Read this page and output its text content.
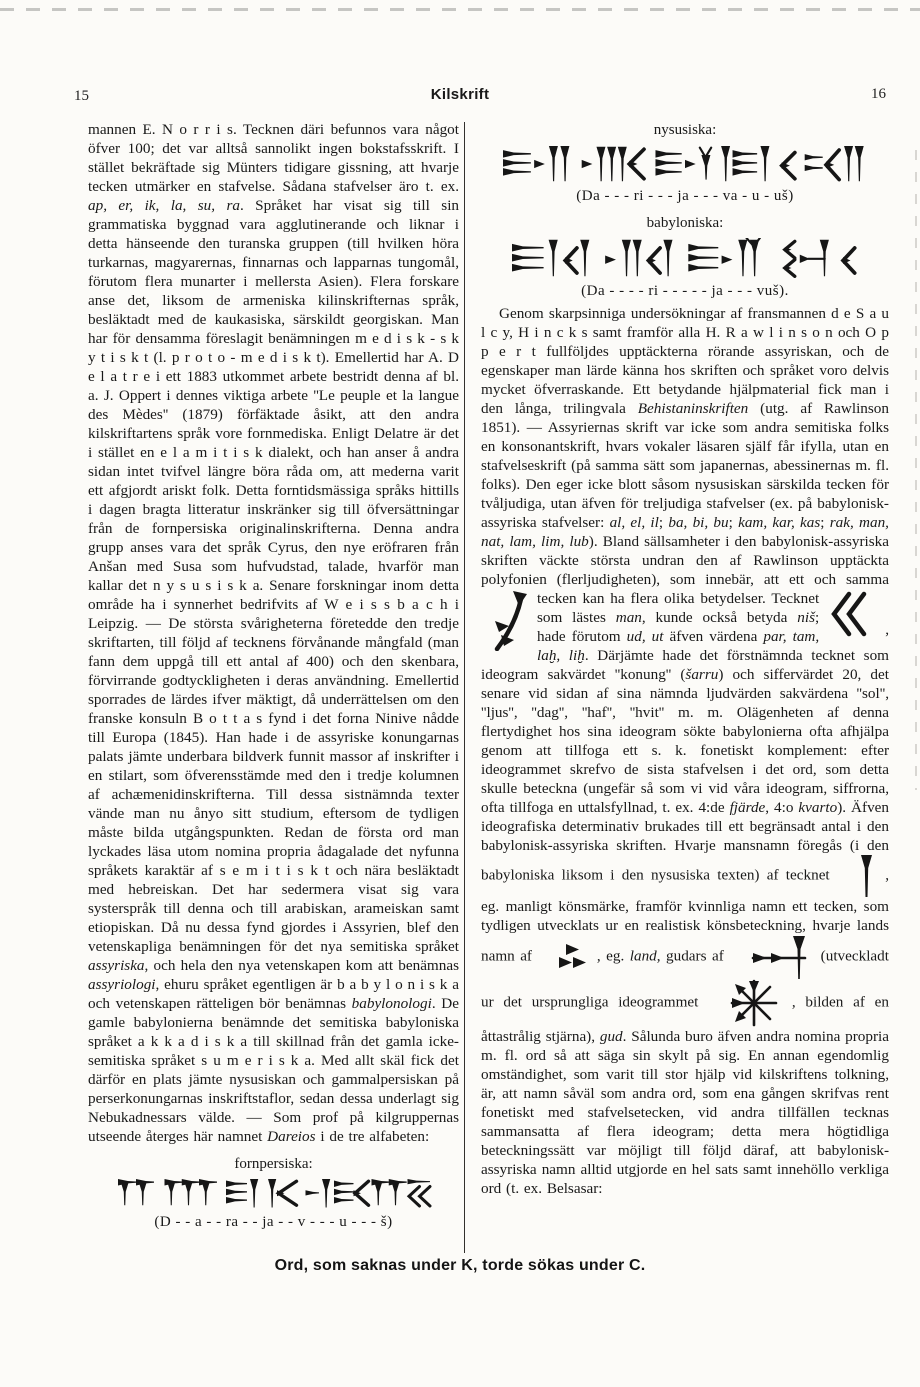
15	Kilskrift	16

mannen E. N o r r i s. Tecknen däri befunnos vara något öfver 100; det var alltså sannolikt ingen bokstafsskrift. I stället bekräftade sig Münters tidigare gissning, att hvarje tecken utmärker en stafvelse. Sådana stafvelser äro t. ex. ap, er, ik, la, su, ra. Språket har visat sig till sin grammatiska byggnad vara agglutinerande och liknar i detta hänseende den turanska gruppen (till hvilken höra turkarnas, magyarernas, finnarnas och lapparnas tungomål, förutom flera munarter i mellersta Asien). Flera forskare anse det, liksom de armeniska kilinskrifternas språk, besläktadt med de kaukasiska, särskildt georgiskan. Man har för densamma föreslagit benämningen m e d i s k - s k y t i s k t (l. p r o t o - m e d i s k t). Emellertid har A. D e l a t r e i ett 1883 utkommet arbete bestridt denna af bl. a. J. Oppert i dennes viktiga arbete ''Le peuple et la langue des Mèdes'' (1879) förfäktade åsikt, att den andra kilskriftartens språk vore fornmediska. Enligt Delatre är det i stället en e l a m i t i s k dialekt, och han anser å andra sidan intet tvifvel längre böra råda om, att mederna varit ett afgjordt ariskt folk. Detta forntidsmässiga språks hittills i dagen bragta litteratur inskränker sig till öfversättningar från de fornpersiska originalinskrifterna. Denna andra grupp anses vara det språk Cyrus, den nye eröfraren från Anšan med Susa som hufvudstad, talade, hvarför man kallar det n y s u s i s k a. Senare forskningar inom detta område ha i synnerhet bedrifvits af W e i s s b a c h i Leipzig. — De största svårigheterna företedde den tredje skriftarten, till följd af tecknens förvånande mångfald (man fann dem uppgå till ett antal af 400) och den skenbara, förvirrande godtyckligheten i deras användning. Emellertid sporrades de lärdes ifver mäktigt, då underrättelsen om den franske konsuln B o t t a s fynd i det forna Ninive nådde till Europa (1845). Han hade i de assyriske konungarnas palats jämte underbara bildverk funnit massor af inskrifter i en stilart, som öfverensstämde med den i tredje kolumnen af achæmenidinskrifterna. Till dessa sistnämnda texter vände man nu ånyo sitt studium, eftersom de tydligen måste bilda utgångspunkten. Redan de första ord man lyckades läsa utom nomina propria ådagalade det nyfunna språkets karaktär af s e m i t i s k t och nära besläktadt med hebreiskan. Det har sedermera visat sig vara systerspråk till denna och till arabiskan, arameiskan samt etiopiskan. Då nu dessa fynd gjordes i Assyrien, blef den vetenskapliga benämningen för det nya semitiska språket assyriska, och hela den nya vetenskapen kom att benämnas assyriologi, ehuru språket egentligen är b a b y l o n i s k a och vetenskapen rätteligen bör benämnas babylonologi. De gamle babylonierna benämnde det semitiska babyloniska språket a k k a d i s k a till skillnad från det gamla icke-semitiska språket s u m e r i s k a. Med allt skäl fick det därför en plats jämte nysusiskan och gammalpersiskan på perserkonungarnas inskriftstaflor, sedan dessa underlagt sig Nebukadnessars välde. — Som prof på kilgruppernas utseende återges här namnet Dareios i de tre alfabeten:

fornpersiska:
(D - - a - - ra - - ja - - v - - - u - - - š)
nysusiska:
(Da - - - ri - - - ja - - - va - u - uš)
babyloniska:
(Da - - - - ri - - - - - ja - - - vuš).

Genom skarpsinniga undersökningar af fransmannen d e S a u l c y, H i n c k s samt framför alla H. R a w l i n s o n och O p p e r t fullföljdes upptäckterna rörande assyriskan, och de egenskaper man lärde känna hos skriften och språket voro delvis mycket öfverraskande. Ett betydande hjälpmaterial fick man i den långa, trilingvala Behistaninskriften (utg. af Rawlinson 1851). — Assyriernas skrift var icke som andra semitiska folks en konsonantskrift, hvars vokaler läsaren själf får ifylla, utan en stafvelseskrift (på samma sätt som japanernas, abessinernas m. fl. folks). Den eger icke blott såsom nysusiskan särskilda tecken för tvåljudiga, utan äfven för treljudiga stafvelser (ex. på babylonisk-assyriska stafvelser: al, el, il; ba, bi, bu; kam, kar, kas; rak, man, nat, lam, lim, lub). Bland sällsamheter i den babylonisk-assyriska skriften väckte största undran den af Rawlinson upptäckta polyfonien (flerljudigheten), som innebär, att ett och samma tecken
,
kan ha flera olika betydelser. Tecknet som lästes man, kunde också betyda niš; hade förutom ud, ut äfven värdena par, tam, laḫ, liḫ. Därjämte hade det förstnämnda tecknet som ideogram sakvärdet ''konung'' (šarru) och siffervärdet 20, det senare vid sidan af sina nämnda ljudvärden sakvärdena ''sol'', ''ljus'', ''dag'', ''haf'', ''hvit'' m. m. Olägenheten af denna flertydighet hos sina ideogram sökte babylonierna ofta afhjälpa genom att tillfoga ett s. k. fonetiskt komplement: efter ideogrammet skrefvo de sista stafvelsen i det ord, som detta skulle beteckna (ungefär så som vi vid våra ideogram, siffrorna, ofta tillfoga en uttalsfyllnad, t. ex. 4:de fjärde, 4:o kvarto). Äfven ideografiska determinativ brukades till ett begränsadt antal i den babylonisk-assyriska skriften. Hvarje mansnamn föregås (i den babyloniska liksom i den nysusiska texten) af tecknet	, eg. manligt könsmärke, framför kvinnliga namn ett tecken, som tydligen utvecklats ur en realistisk könsbeteckning, hvarje lands namn af	, eg. land, gudars af	(utveckladt ur det ursprungliga ideogrammet	, bilden af en åttastrålig stjärna), gud. Sålunda buro äfven andra nomina propria m. fl. ord så att säga sin skylt på sig. En annan egendomlig omständighet, som varit till stor hjälp vid kilskriftens tolkning, är, att namn såväl som andra ord, som ena gången skrifvas rent fonetiskt med stafvelsetecken, vid andra tillfällen tecknas sammansatta af flera ideogram; detta mera högtidliga beteckningssätt var möjligt till följd däraf, att babylonisk-assyriska namn alltid utgjorde en hel sats samt innehöllo verkliga ord (t. ex. Belsasar:

Ord, som saknas under K, torde sökas under C.
